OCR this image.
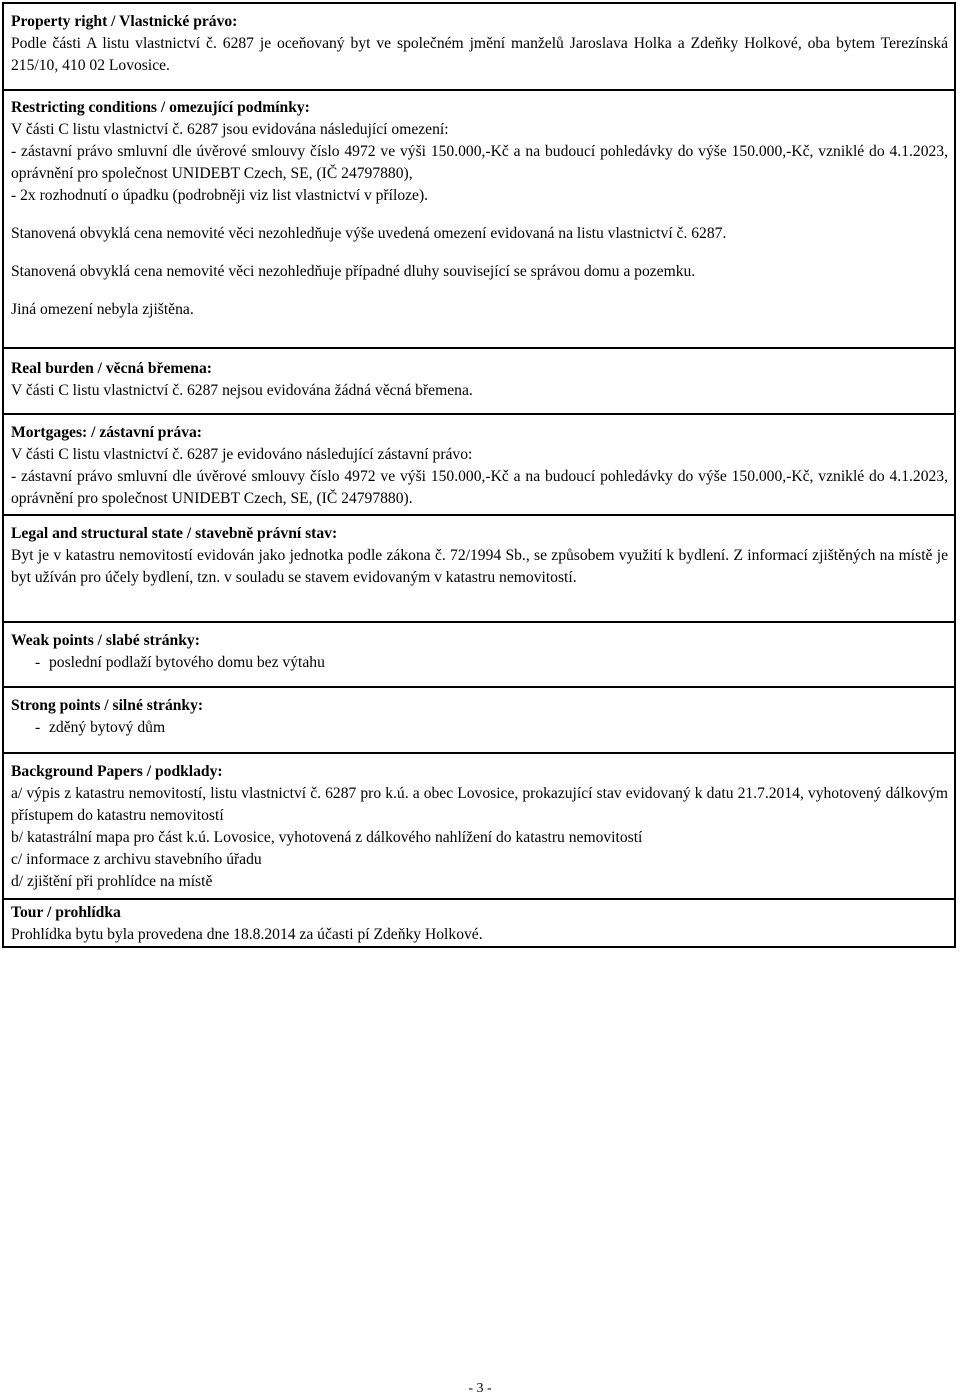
Property right / Vlastnické právo:

Podle části A listu vlastnictví č. 6287 je oceňovaný byt ve společném jmění manželů Jaroslava Holka a Zdeňky Holkové, oba bytem Terezínská 215/10, 410 02 Lovosice.

Restricting conditions / omezující podmínky:

V části C listu vlastnictví č. 6287 jsou evidována následující omezení:

- zástavní právo smluvní dle úvěrové smlouvy číslo 4972 ve výši 150.000,-Kč a na budoucí pohledávky do výše 150.000,-Kč, vzniklé do 4.1.2023, oprávnění pro společnost UNIDEBT Czech, SE, (IČ 24797880),

- 2x rozhodnutí o úpadku (podrobněji viz list vlastnictví v příloze).

Stanovená obvyklá cena nemovité věci nezohledňuje výše uvedená omezení evidovaná na listu vlastnictví č. 6287.

Stanovená obvyklá cena nemovité věci nezohledňuje případné dluhy související se správou domu a pozemku.

Jiná omezení nebyla zjištěna.

Real burden / věcná břemena:

V části C listu vlastnictví č. 6287 nejsou evidována žádná věcná břemena.

Mortgages: / zástavní práva:

V části C listu vlastnictví č. 6287 je evidováno následující zástavní právo:

- zástavní právo smluvní dle úvěrové smlouvy číslo 4972 ve výši 150.000,-Kč a na budoucí pohledávky do výše 150.000,-Kč, vzniklé do 4.1.2023, oprávnění pro společnost UNIDEBT Czech, SE, (IČ 24797880).

Legal and structural state / stavebně právní stav:

Byt je v katastru nemovitostí evidován jako jednotka podle zákona č. 72/1994 Sb., se způsobem využití k bydlení. Z informací zjištěných na místě je byt užíván pro účely bydlení, tzn. v souladu se stavem evidovaným v katastru nemovitostí.

Weak points / slabé stránky:

- poslední podlaží bytového domu bez výtahu

Strong points / silné stránky:

- zděný bytový dům

Background Papers / podklady:

a/ výpis z katastru nemovitostí, listu vlastnictví č. 6287 pro k.ú. a obec Lovosice, prokazující stav evidovaný k datu 21.7.2014, vyhotovený dálkovým přístupem do katastru nemovitostí

b/ katastrální mapa pro část k.ú. Lovosice, vyhotovená z dálkového nahlížení do katastru nemovitostí

c/ informace z archivu stavebního úřadu

d/ zjištění při prohlídce na místě

Tour / prohlídka

Prohlídka bytu byla provedena dne 18.8.2014 za účasti pí Zdeňky Holkové.

- 3 -
